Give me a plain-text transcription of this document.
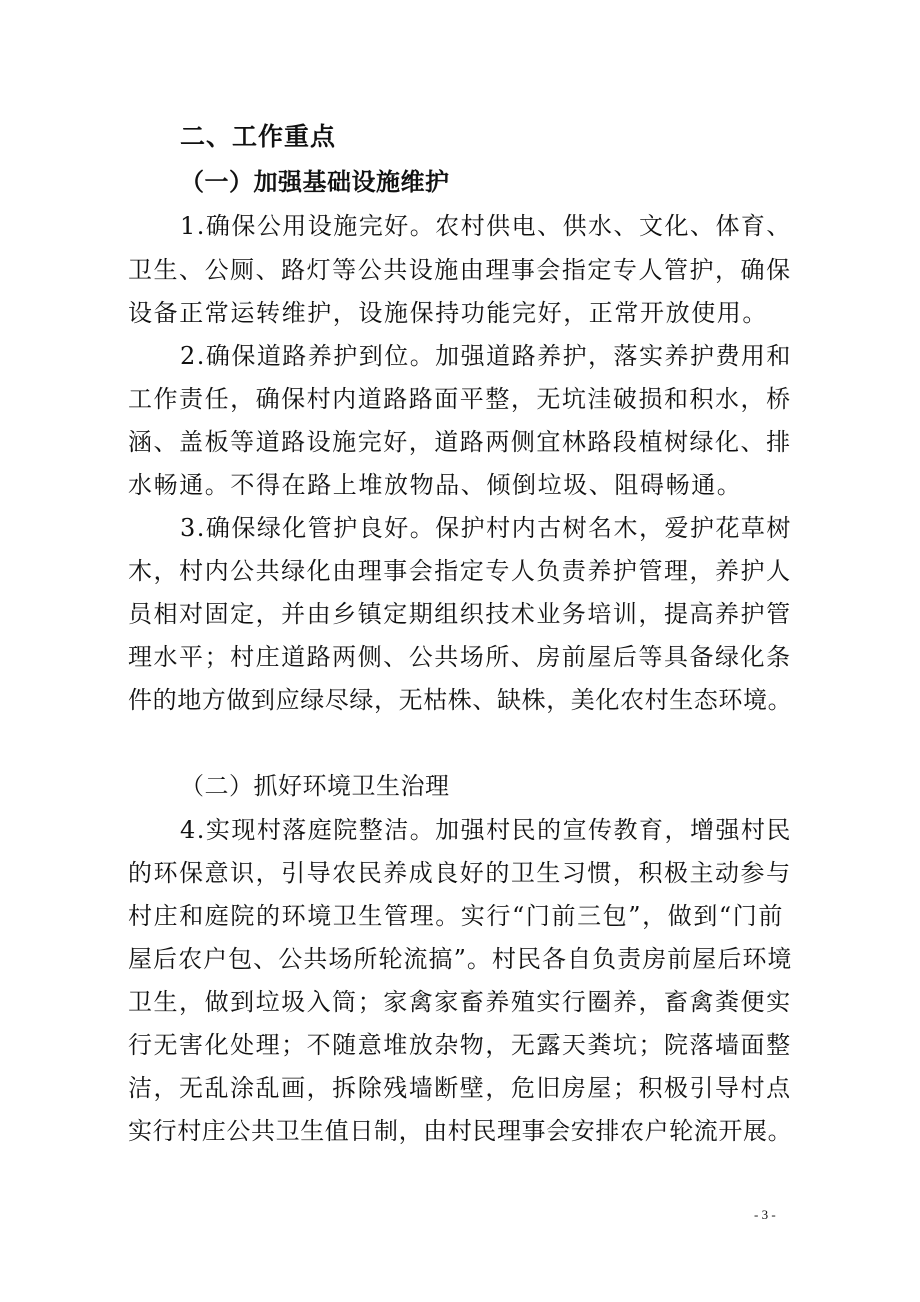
二、工作重点
（一）加强基础设施维护
1.确保公用设施完好。农村供电、供水、文化、体育、
卫生、公厕、路灯等公共设施由理事会指定专人管护，确保
设备正常运转维护，设施保持功能完好，正常开放使用。
2.确保道路养护到位。加强道路养护，落实养护费用和
工作责任，确保村内道路路面平整，无坑洼破损和积水，桥
涵、盖板等道路设施完好，道路两侧宜林路段植树绿化、排
水畅通。不得在路上堆放物品、倾倒垃圾、阻碍畅通。
3.确保绿化管护良好。保护村内古树名木，爱护花草树
木，村内公共绿化由理事会指定专人负责养护管理，养护人
员相对固定，并由乡镇定期组织技术业务培训，提高养护管
理水平；村庄道路两侧、公共场所、房前屋后等具备绿化条
件的地方做到应绿尽绿，无枯株、缺株，美化农村生态环境。
（二）抓好环境卫生治理
4.实现村落庭院整洁。加强村民的宣传教育，增强村民
的环保意识，引导农民养成良好的卫生习惯，积极主动参与
村庄和庭院的环境卫生管理。实行“门前三包”，做到“门前
屋后农户包、公共场所轮流搞”。村民各自负责房前屋后环境
卫生，做到垃圾入筒；家禽家畜养殖实行圈养，畜禽粪便实
行无害化处理；不随意堆放杂物，无露天粪坑；院落墙面整
洁，无乱涂乱画，拆除残墙断壁，危旧房屋；积极引导村点
实行村庄公共卫生值日制，由村民理事会安排农户轮流开展。
- 3 -
